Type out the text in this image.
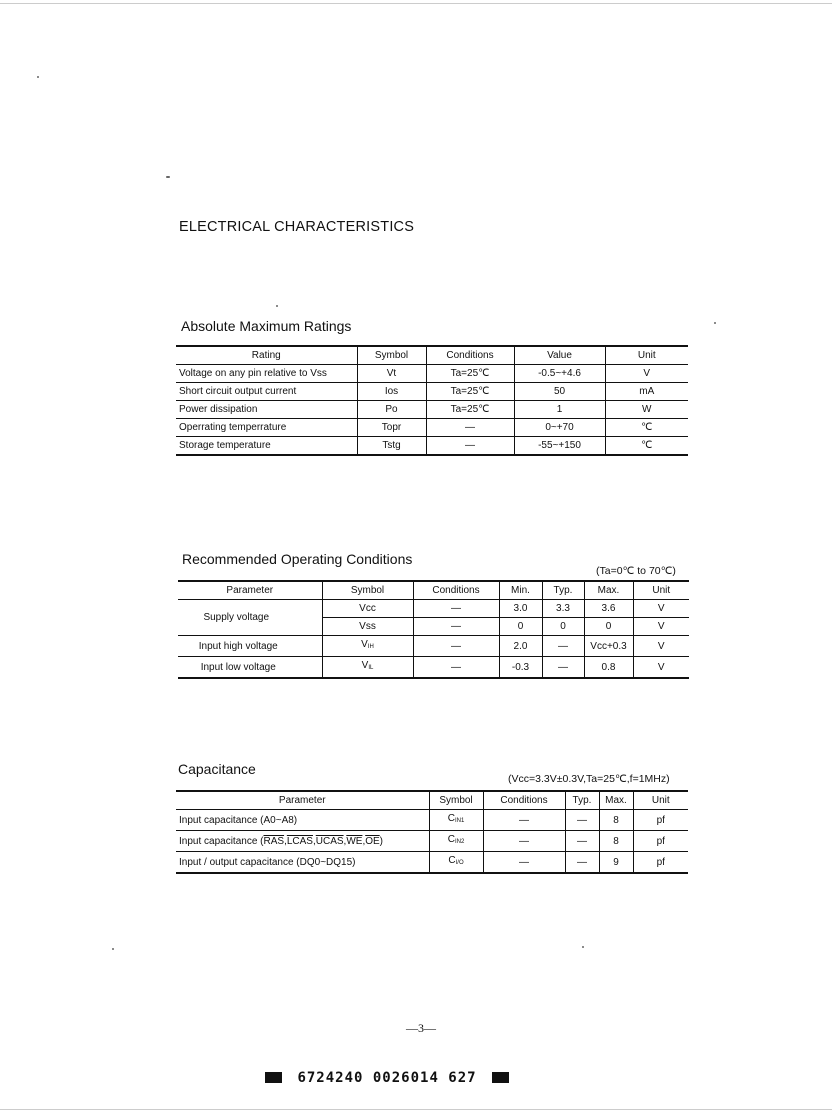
ELECTRICAL CHARACTERISTICS
Absolute Maximum Ratings
Rating	Symbol	Conditions	Value	Unit
Voltage on any pin relative to Vss	Vt	Ta=25℃	-0.5~+4.6	V
Short circuit output current	Ios	Ta=25℃	50	mA
Power dissipation	Po	Ta=25℃	1	W
Operrating temperrature	Topr	—	0~+70	℃
Storage temperature	Tstg	—	-55~+150	℃
Recommended Operating Conditions
(Ta=0℃ to 70℃)
Parameter	Symbol	Conditions	Min.	Typ.	Max.	Unit
Supply voltage	Vcc	—	3.0	3.3	3.6	V
	Vss	—	0	0	0	V
Input high voltage	$V_{IH}$	—	2.0	—	Vcc+0.3	V
Input low voltage	$V_{IL}$	—	-0.3	—	0.8	V
Capacitance
(Vcc=3.3V±0.3V,Ta=25℃,f=1MHz)
Parameter	Symbol	Conditions	Typ.	Max.	Unit
Input capacitance (A0~A8)	$C_{IN1}$	—	—	8	pf
Input capacitance $(\overline{RAS},LCAS,UCAS,\overline{WE},\overline{OE})$	$C_{IN2}$	—	—	8	pf
Input / output capacitance (DQ0~DQ15)	$C_{I/O}$	—	—	9	pf
—3—
6724240 0026014 627
